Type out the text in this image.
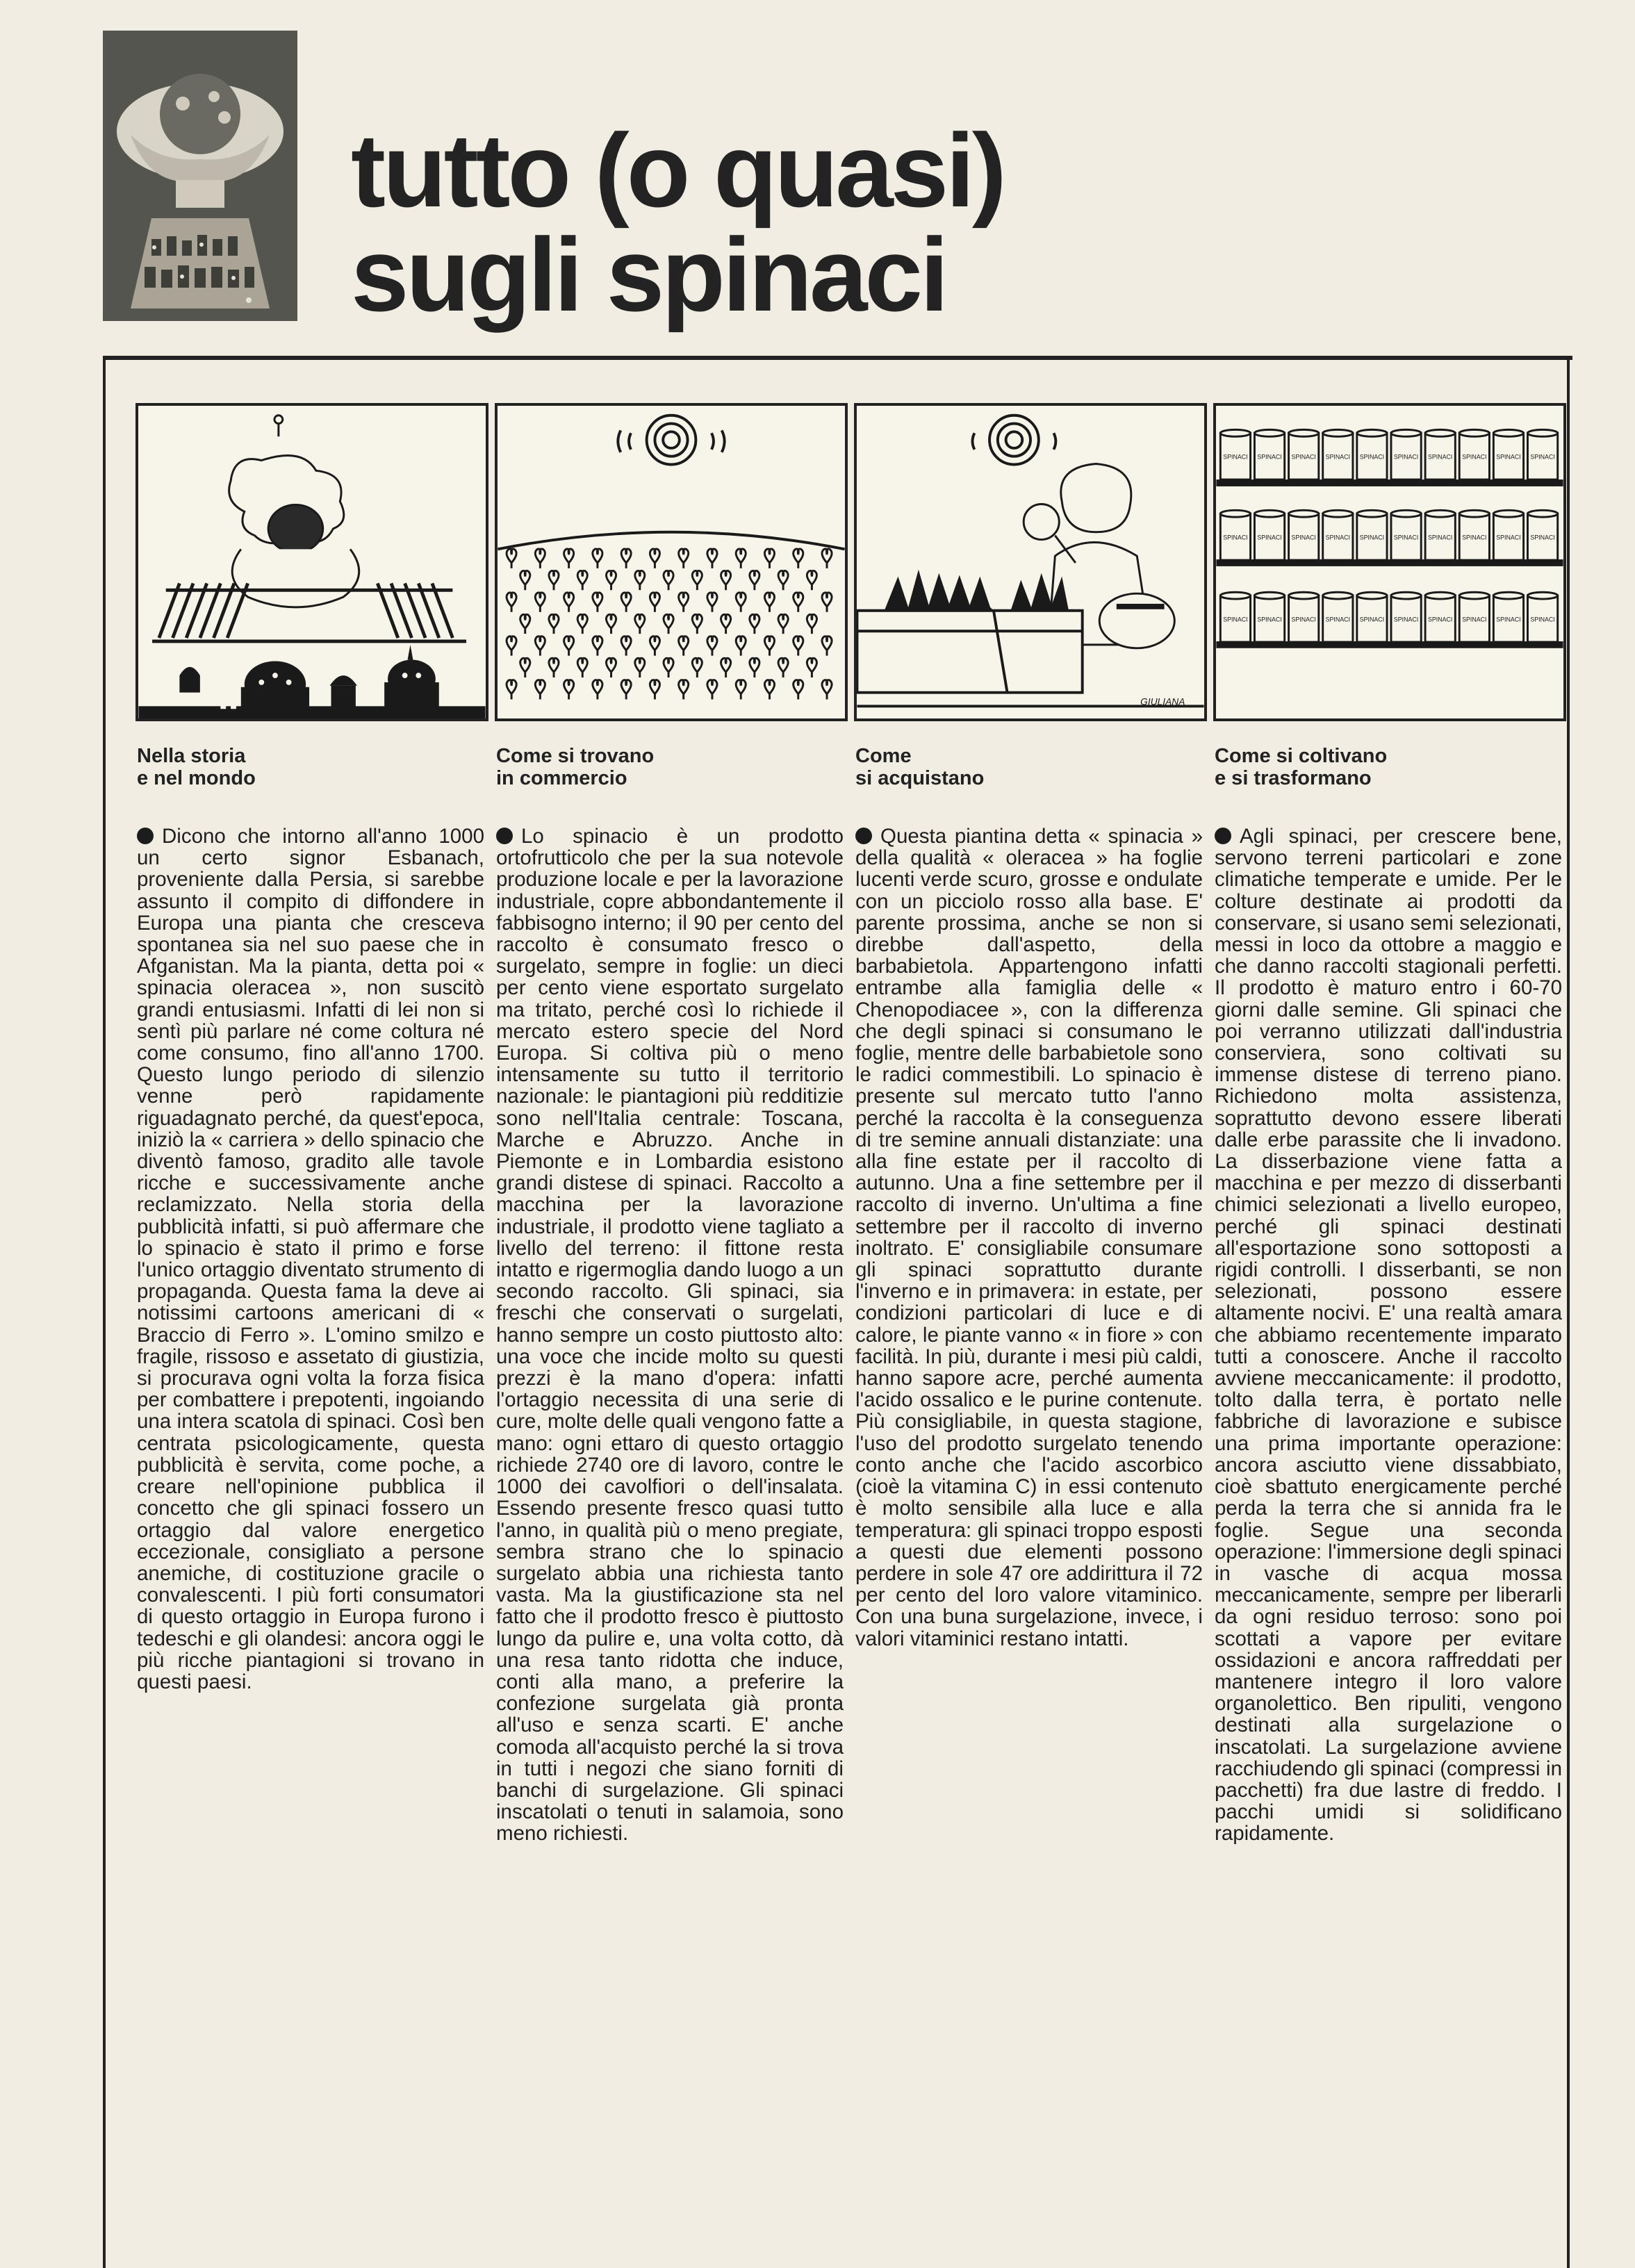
tutto (o quasi)
sugli spinaci
GIULIANA
SPINACI SPINACI SPINACI SPINACI SPINACI SPINACI SPINACI SPINACI SPINACI SPINACI
SPINACI SPINACI SPINACI SPINACI SPINACI SPINACI SPINACI SPINACI SPINACI SPINACI
SPINACI SPINACI SPINACI SPINACI SPINACI SPINACI SPINACI SPINACI SPINACI SPINACI
Nella storia
e nel mondo

Dicono che intorno all'anno 1000 un certo signor Esbanach, proveniente dalla Persia, si sarebbe assunto il compito di diffondere in Europa una pianta che cresceva spontanea sia nel suo paese che in Afganistan. Ma la pianta, detta poi « spinacia oleracea », non suscitò grandi entusiasmi. Infatti di lei non si sentì più parlare né come coltura né come consumo, fino all'anno 1700. Questo lungo periodo di silenzio venne però rapidamente riguadagnato perché, da quest'epoca, iniziò la « carriera » dello spinacio che diventò famoso, gradito alle tavole ricche e successivamente anche reclamizzato. Nella storia della pubblicità infatti, si può affermare che lo spinacio è stato il primo e forse l'unico ortaggio diventato strumento di propaganda. Questa fama la deve ai notissimi cartoons americani di « Braccio di Ferro ». L'omino smilzo e fragile, rissoso e assetato di giustizia, si procurava ogni volta la forza fisica per combattere i prepotenti, ingoiando una intera scatola di spinaci. Così ben centrata psicologicamente, questa pubblicità è servita, come poche, a creare nell'opinione pubblica il concetto che gli spinaci fossero un ortaggio dal valore energetico eccezionale, consigliato a persone anemiche, di costituzione gracile o convalescenti. I più forti consumatori di questo ortaggio in Europa furono i tedeschi e gli olandesi: ancora oggi le più ricche piantagioni si trovano in questi paesi.

Come si trovano
in commercio

Lo spinacio è un prodotto ortofrutticolo che per la sua notevole produzione locale e per la lavorazione industriale, copre abbondantemente il fabbisogno interno; il 90 per cento del raccolto è consumato fresco o surgelato, sempre in foglie: un dieci per cento viene esportato surgelato ma tritato, perché così lo richiede il mercato estero specie del Nord Europa. Si coltiva più o meno intensamente su tutto il territorio nazionale: le piantagioni più redditizie sono nell'Italia centrale: Toscana, Marche e Abruzzo. Anche in Piemonte e in Lombardia esistono grandi distese di spinaci. Raccolto a macchina per la lavorazione industriale, il prodotto viene tagliato a livello del terreno: il fittone resta intatto e rigermoglia dando luogo a un secondo raccolto. Gli spinaci, sia freschi che conservati o surgelati, hanno sempre un costo piuttosto alto: una voce che incide molto su questi prezzi è la mano d'opera: infatti l'ortaggio necessita di una serie di cure, molte delle quali vengono fatte a mano: ogni ettaro di questo ortaggio richiede 2740 ore di lavoro, contre le 1000 dei cavolfiori o dell'insalata. Essendo presente fresco quasi tutto l'anno, in qualità più o meno pregiate, sembra strano che lo spinacio surgelato abbia una richiesta tanto vasta. Ma la giustificazione sta nel fatto che il prodotto fresco è piuttosto lungo da pulire e, una volta cotto, dà una resa tanto ridotta che induce, conti alla mano, a preferire la confezione surgelata già pronta all'uso e senza scarti. E' anche comoda all'acquisto perché la si trova in tutti i negozi che siano forniti di banchi di surgelazione. Gli spinaci inscatolati o tenuti in salamoia, sono meno richiesti.

Come
si acquistano

Questa piantina detta « spinacia » della qualità « oleracea » ha foglie lucenti verde scuro, grosse e ondulate con un picciolo rosso alla base. E' parente prossima, anche se non si direbbe dall'aspetto, della barbabietola. Appartengono infatti entrambe alla famiglia delle « Chenopodiacee », con la differenza che degli spinaci si consumano le foglie, mentre delle barbabietole sono le radici commestibili. Lo spinacio è presente sul mercato tutto l'anno perché la raccolta è la conseguenza di tre semine annuali distanziate: una alla fine estate per il raccolto di autunno. Una a fine settembre per il raccolto di inverno. Un'ultima a fine settembre per il raccolto di inverno inoltrato. E' consigliabile consumare gli spinaci soprattutto durante l'inverno e in primavera: in estate, per condizioni particolari di luce e di calore, le piante vanno « in fiore » con facilità. In più, durante i mesi più caldi, hanno sapore acre, perché aumenta l'acido ossalico e le purine contenute. Più consigliabile, in questa stagione, l'uso del prodotto surgelato tenendo conto anche che l'acido ascorbico (cioè la vitamina C) in essi contenuto è molto sensibile alla luce e alla temperatura: gli spinaci troppo esposti a questi due elementi possono perdere in sole 47 ore addirittura il 72 per cento del loro valore vitaminico. Con una buna surgelazione, invece, i valori vitaminici restano intatti.

Come si coltivano
e si trasformano

Agli spinaci, per crescere bene, servono terreni particolari e zone climatiche temperate e umide. Per le colture destinate ai prodotti da conservare, si usano semi selezionati, messi in loco da ottobre a maggio e che danno raccolti stagionali perfetti. Il prodotto è maturo entro i 60-70 giorni dalle semine. Gli spinaci che poi verranno utilizzati dall'industria conserviera, sono coltivati su immense distese di terreno piano. Richiedono molta assistenza, soprattutto devono essere liberati dalle erbe parassite che li invadono. La disserbazione viene fatta a macchina e per mezzo di disserbanti chimici selezionati a livello europeo, perché gli spinaci destinati all'esportazione sono sottoposti a rigidi controlli. I disserbanti, se non selezionati, possono essere altamente nocivi. E' una realtà amara che abbiamo recentemente imparato tutti a conoscere. Anche il raccolto avviene meccanicamente: il prodotto, tolto dalla terra, è portato nelle fabbriche di lavorazione e subisce una prima importante operazione: ancora asciutto viene dissabbiato, cioè sbattuto energicamente perché perda la terra che si annida fra le foglie. Segue una seconda operazione: l'immersione degli spinaci in vasche di acqua mossa meccanicamente, sempre per liberarli da ogni residuo terroso: sono poi scottati a vapore per evitare ossidazioni e ancora raffreddati per mantenere integro il loro valore organolettico. Ben ripuliti, vengono destinati alla surgelazione o inscatolati. La surgelazione avviene racchiudendo gli spinaci (compressi in pacchetti) fra due lastre di freddo. I pacchi umidi si solidificano rapidamente.
